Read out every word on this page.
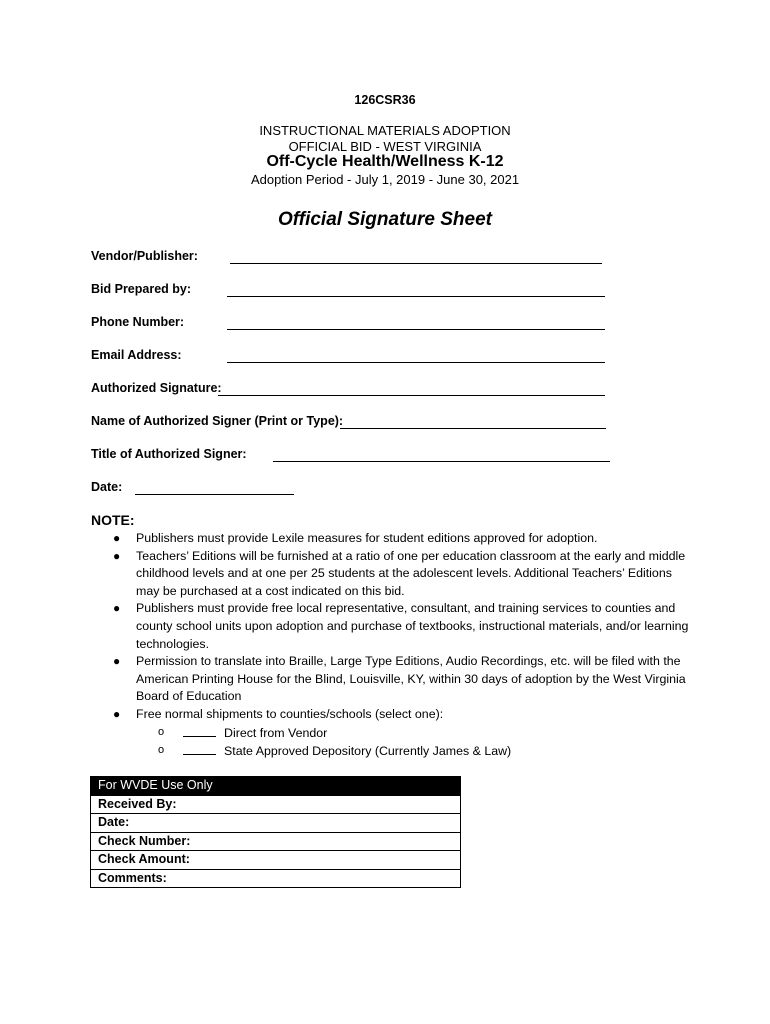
126CSR36
INSTRUCTIONAL MATERIALS ADOPTION
OFFICIAL BID - WEST VIRGINIA
Off-Cycle Health/Wellness K-12
Adoption Period - July 1, 2019 - June 30, 2021
Official Signature Sheet
Vendor/Publisher:
Bid Prepared by:
Phone Number:
Email Address:
Authorized Signature:
Name of Authorized Signer (Print or Type):
Title of Authorized Signer:
Date:
NOTE:

● Publishers must provide Lexile measures for student editions approved for adoption.

● Teachers’ Editions will be furnished at a ratio of one per education classroom at the early and middle childhood levels and at one per 25 students at the adolescent levels. Additional Teachers’ Editions may be purchased at a cost indicated on this bid.

● Publishers must provide free local representative, consultant, and training services to counties and county school units upon adoption and purchase of textbooks, instructional materials, and/or learning technologies.

● Permission to translate into Braille, Large Type Editions, Audio Recordings, etc. will be filed with the American Printing House for the Blind, Louisville, KY, within 30 days of adoption by the West Virginia Board of Education

● Free normal shipments to counties/schools (select one):

o	Direct from Vendor

o	State Approved Depository (Currently James & Law)

For WVDE Use Only
Received By:
Date:
Check Number:
Check Amount:
Comments:
